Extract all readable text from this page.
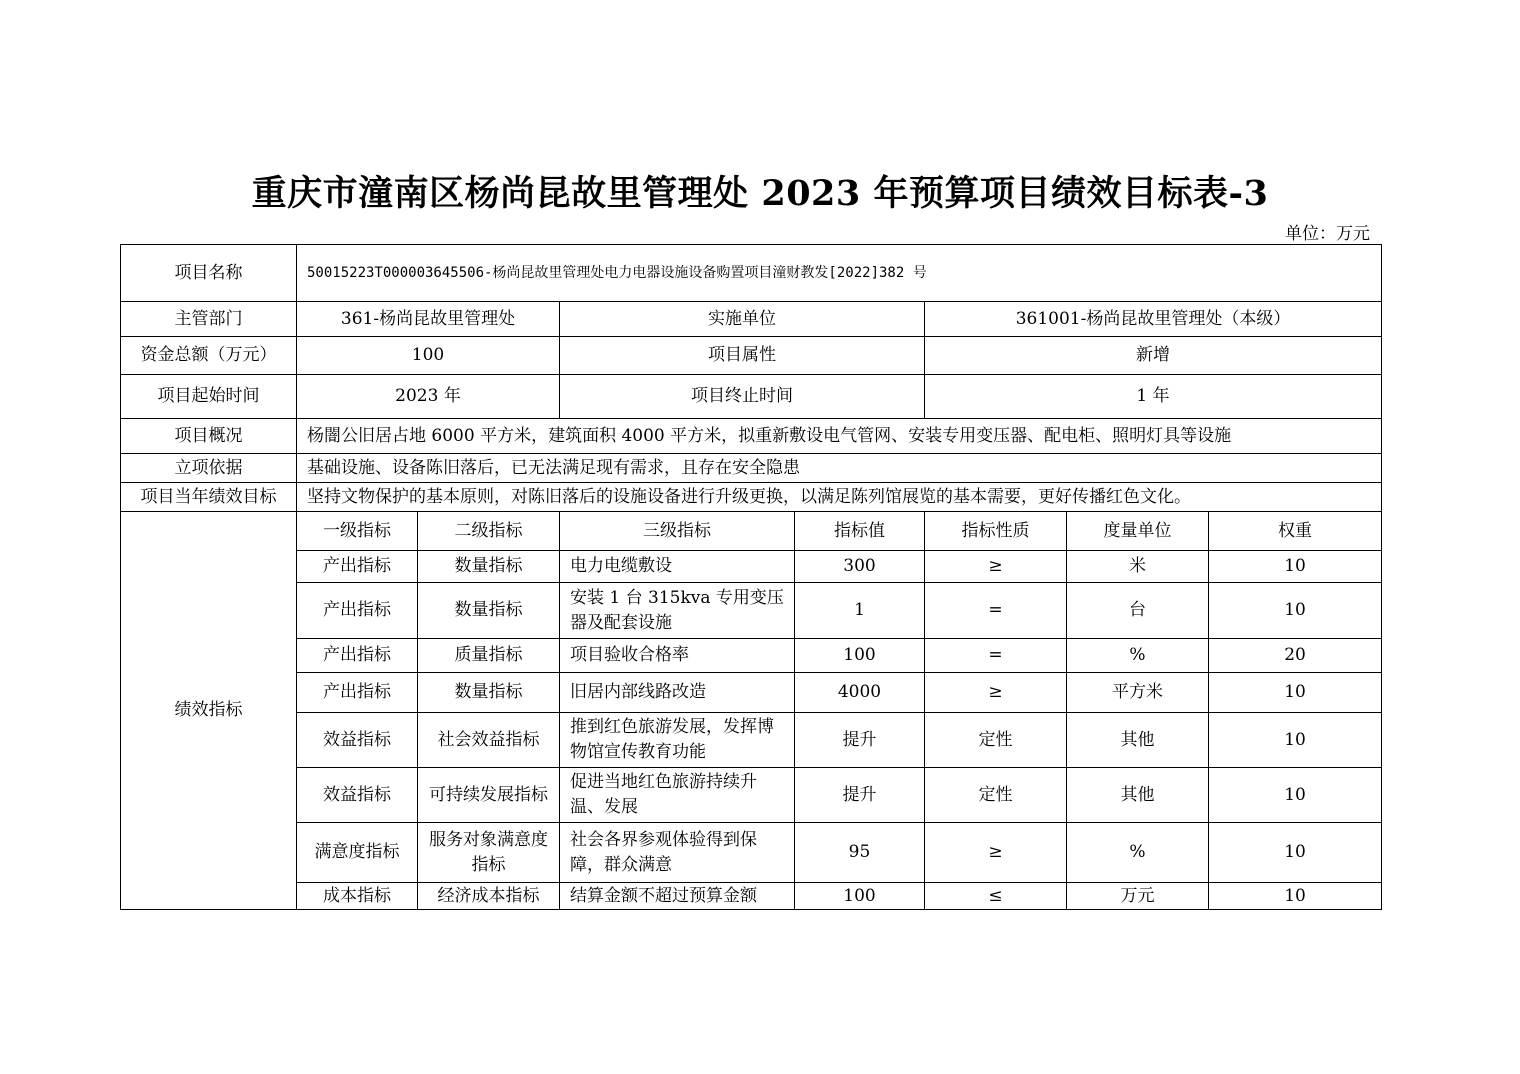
重庆市潼南区杨尚昆故里管理处 2023 年预算项目绩效目标表-3
单位：万元
项目名称	50015223T000003645506-杨尚昆故里管理处电力电器设施设备购置项目潼财教发[2022]382 号						
主管部门	361-杨尚昆故里管理处		实施单位		361001-杨尚昆故里管理处（本级）		
资金总额（万元）	100		项目属性		新增		
项目起始时间	2023 年		项目终止时间		1 年		
项目概况	杨闇公旧居占地 6000 平方米，建筑面积 4000 平方米，拟重新敷设电气管网、安装专用变压器、配电柜、照明灯具等设施						
立项依据	基础设施、设备陈旧落后，已无法满足现有需求，且存在安全隐患						
项目当年绩效目标	坚持文物保护的基本原则，对陈旧落后的设施设备进行升级更换，以满足陈列馆展览的基本需要，更好传播红色文化。						
绩效指标	一级指标	二级指标	三级指标	指标值	指标性质	度量单位	权重
	产出指标	数量指标	电力电缆敷设	300	≥	米	10
	产出指标	数量指标	安装 1 台 315kva 专用变压器及配套设施	1	=	台	10
	产出指标	质量指标	项目验收合格率	100	=	%	20
	产出指标	数量指标	旧居内部线路改造	4000	≥	平方米	10
	效益指标	社会效益指标	推到红色旅游发展，发挥博物馆宣传教育功能	提升	定性	其他	10
	效益指标	可持续发展指标	促进当地红色旅游持续升温、发展	提升	定性	其他	10
	满意度指标	服务对象满意度指标	社会各界参观体验得到保障，群众满意	95	≥	%	10
	成本指标	经济成本指标	结算金额不超过预算金额	100	≤	万元	10
